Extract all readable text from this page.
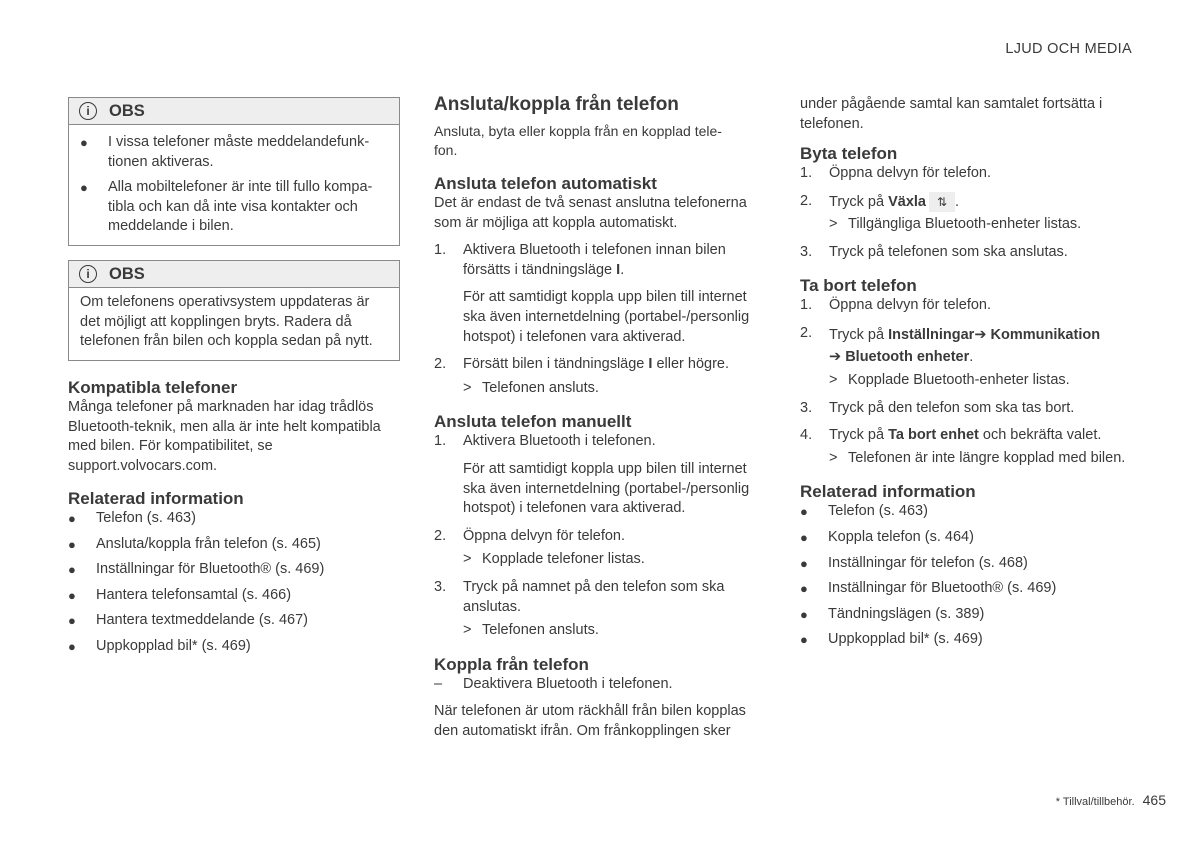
LJUD OCH MEDIA
i	OBS
●	I vissa telefoner måste meddelandefunk-
tionen aktiveras.
●	Alla mobiltelefoner är inte till fullo kompa-
tibla och kan då inte visa kontakter och
meddelande i bilen.
i	OBS

Om telefonens operativsystem uppdateras är det möjligt att kopplingen bryts. Radera då telefonen från bilen och koppla sedan på nytt.

Kompatibla telefoner

Många telefoner på marknaden har idag trådlös Bluetooth-teknik, men alla är inte helt kompatibla med bilen. För kompatibilitet, se support.volvocars.com.

Relaterad information

●	Telefon (s. 463)
●	Ansluta/koppla från telefon (s. 465)
●	Inställningar för Bluetooth® (s. 469)
●	Hantera telefonsamtal (s. 466)
●	Hantera textmeddelande (s. 467)
●	Uppkopplad bil* (s. 469)

Ansluta/koppla från telefon

Ansluta, byta eller koppla från en kopplad tele-
fon.

Ansluta telefon automatiskt

Det är endast de två senast anslutna telefonerna som är möjliga att koppla automatiskt.

1.	Aktivera Bluetooth i telefonen innan bilen försätts i tändningsläge I.

För att samtidigt koppla upp bilen till internet ska även internetdelning (portabel-/personlig hotspot) i telefonen vara aktiverad.

2.	Försätt bilen i tändningsläge I eller högre.

> Telefonen ansluts.

Ansluta telefon manuellt

1.	Aktivera Bluetooth i telefonen.

För att samtidigt koppla upp bilen till internet ska även internetdelning (portabel-/personlig hotspot) i telefonen vara aktiverad.

2.	Öppna delvyn för telefon.

> Kopplade telefoner listas.
3.	Tryck på namnet på den telefon som ska anslutas.

> Telefonen ansluts.

Koppla från telefon

–	Deaktivera Bluetooth i telefonen.

När telefonen är utom räckhåll från bilen kopplas den automatiskt ifrån. Om frånkopplingen sker

under pågående samtal kan samtalet fortsätta i telefonen.

Byta telefon

1.	Öppna delvyn för telefon.

2.	Tryck på Växla ⇅ .

> Tillgängliga Bluetooth-enheter listas.
3.	Tryck på telefonen som ska anslutas.

Ta bort telefon

1.	Öppna delvyn för telefon.

2.	Tryck på Inställningar➔ Kommunikation
➔ Bluetooth enheter.

> Kopplade Bluetooth-enheter listas.
3.	Tryck på den telefon som ska tas bort.

4.	Tryck på Ta bort enhet och bekräfta valet.

> Telefonen är inte längre kopplad med bilen.

Relaterad information

●	Telefon (s. 463)
●	Koppla telefon (s. 464)
●	Inställningar för telefon (s. 468)
●	Inställningar för Bluetooth® (s. 469)
●	Tändningslägen (s. 389)
●	Uppkopplad bil* (s. 469)
* Tillval/tillbehör. 465
